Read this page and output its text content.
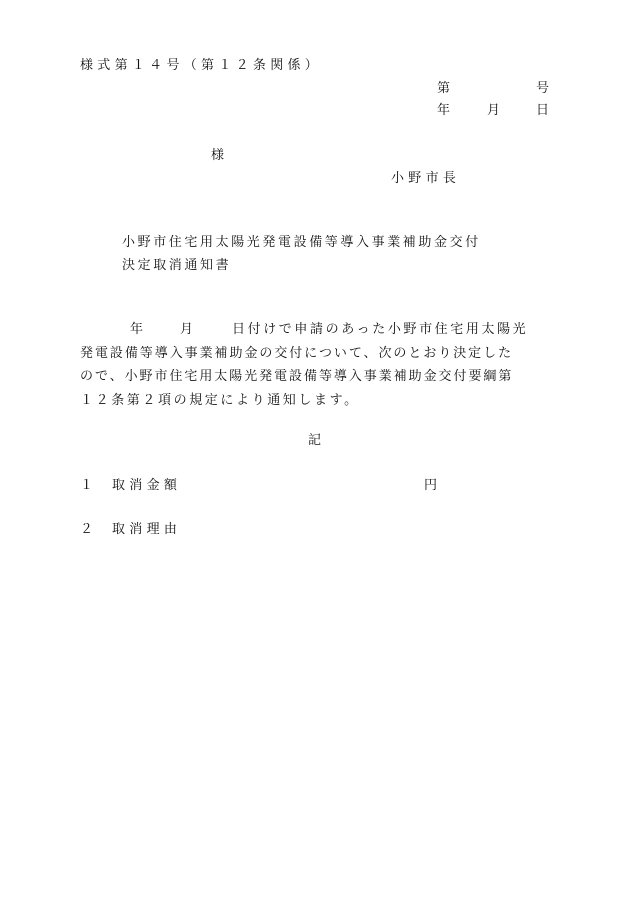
様式第１４号（第１２条関係）
第	号
年	月 日
様
小野市長
小野市住宅用太陽光発電設備等導入事業補助金交付
決定取消通知書
年	月	日付けで申請のあった小野市住宅用太陽光
発電設備等導入事業補助金の交付について、次のとおり決定した
ので、小野市住宅用太陽光発電設備等導入事業補助金交付要綱第
１２条第２項の規定により通知します。
記
１ 取消金額	円
２ 取消理由
